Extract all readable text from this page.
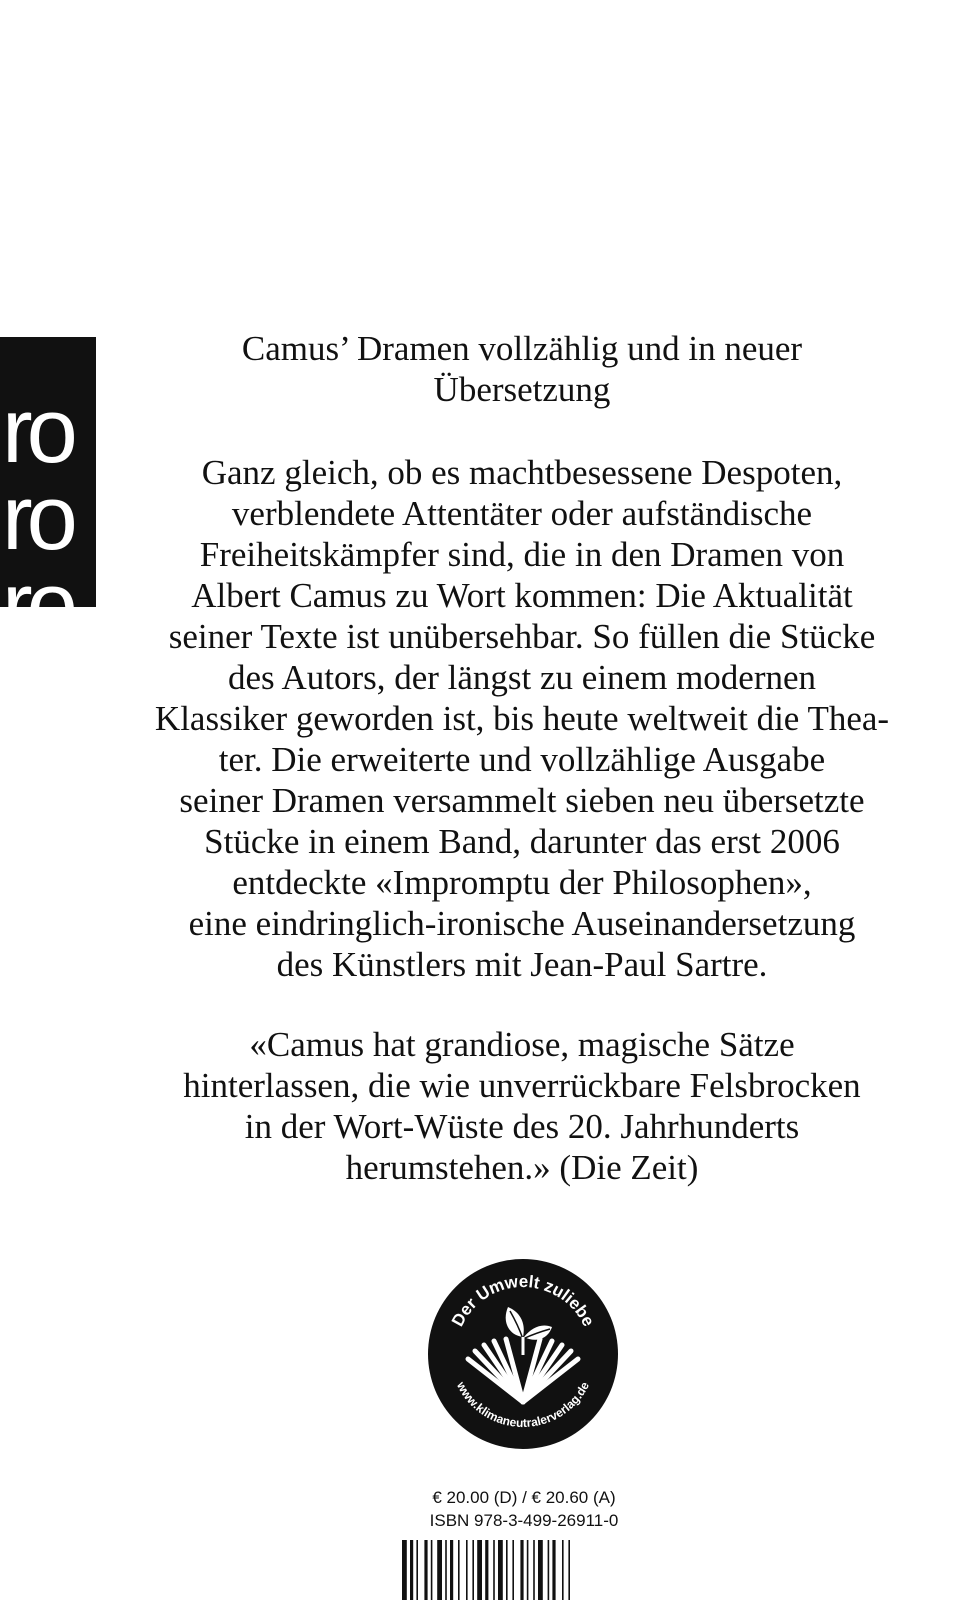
ro
ro
ro
Camus’ Dramen vollzählig und in neuer
Übersetzung
Ganz gleich, ob es machtbesessene Despoten,
verblendete Attentäter oder aufständische
Freiheitskämpfer sind, die in den Dramen von
Albert Camus zu Wort kommen: Die Aktualität
seiner Texte ist unübersehbar. So füllen die Stücke
des Autors, der längst zu einem modernen
Klassiker geworden ist, bis heute weltweit die Thea-
ter. Die erweiterte und vollzählige Ausgabe
seiner Dramen versammelt sieben neu übersetzte
Stücke in einem Band, darunter das erst 2006
entdeckte «Impromptu der Philosophen»,
eine eindringlich-ironische Auseinandersetzung
des Künstlers mit Jean-Paul Sartre.
«Camus hat grandiose, magische Sätze
hinterlassen, die wie unverrückbare Felsbrocken
in der Wort-Wüste des 20. Jahrhunderts
herumstehen.» (Die Zeit)
Der Umwelt zuliebe
www.klimaneutralerverlag.de
€ 20.00 (D) / € 20.60 (A)
ISBN 978-3-499-26911-0
